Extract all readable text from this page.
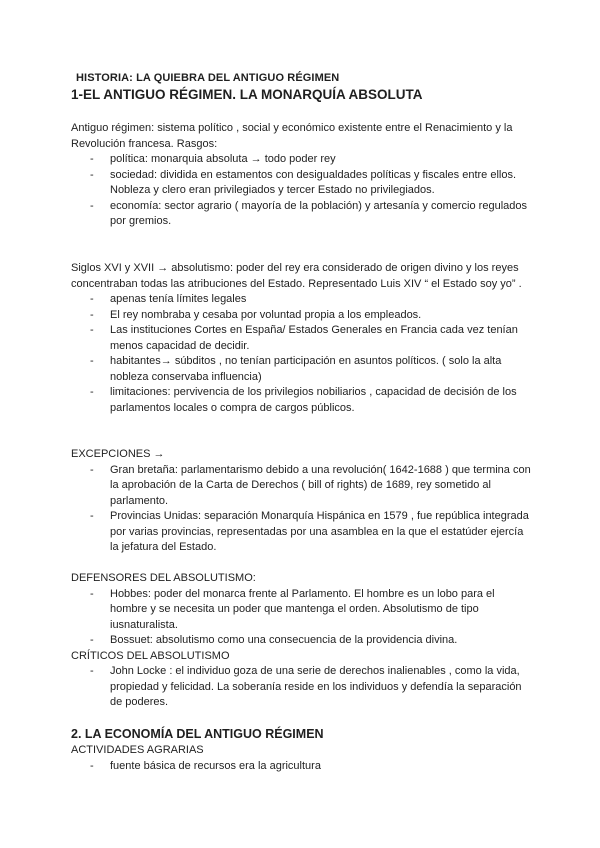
HISTORIA: LA QUIEBRA DEL ANTIGUO RÉGIMEN
1-EL ANTIGUO RÉGIMEN. LA MONARQUÍA ABSOLUTA

Antiguo régimen: sistema político , social y económico existente entre el Renacimiento y la Revolución francesa. Rasgos:

- política: monarquia absoluta → todo poder rey
- sociedad: dividida en estamentos con desigualdades políticas y fiscales entre ellos. Nobleza y clero eran privilegiados y tercer Estado no privilegiados.
- economía: sector agrario ( mayoría de la población) y artesanía y comercio regulados por gremios.

Siglos XVI y XVII → absolutismo: poder del rey era considerado de origen divino y los reyes concentraban todas las atribuciones del Estado. Representado Luis XIV “ el Estado soy yo” .

- apenas tenía límites legales
- El rey nombraba y cesaba por voluntad propia a los empleados.
- Las instituciones Cortes en España/ Estados Generales en Francia cada vez tenían menos capacidad de decidir.
- habitantes→ súbditos , no tenían participación en asuntos políticos. ( solo la alta nobleza conservaba influencia)
- limitaciones: pervivencia de los privilegios nobiliarios , capacidad de decisión de los parlamentos locales o compra de cargos públicos.

EXCEPCIONES →

- Gran bretaña: parlamentarismo debido a una revolución( 1642-1688 ) que termina con la aprobación de la Carta de Derechos ( bill of rights) de 1689, rey sometido al parlamento.
- Provincias Unidas: separación Monarquía Hispánica en 1579 , fue república integrada por varias provincias, representadas por una asamblea en la que el estatúder ejercía la jefatura del Estado.

DEFENSORES DEL ABSOLUTISMO:

- Hobbes: poder del monarca frente al Parlamento. El hombre es un lobo para el hombre y se necesita un poder que mantenga el orden. Absolutismo de tipo iusnaturalista.
- Bossuet: absolutismo como una consecuencia de la providencia divina.

CRÍTICOS DEL ABSOLUTISMO

- John Locke : el individuo goza de una serie de derechos inalienables , como la vida, propiedad y felicidad. La soberanía reside en los individuos y defendía la separación de poderes.
2. LA ECONOMÍA DEL ANTIGUO RÉGIMEN

ACTIVIDADES AGRARIAS

- fuente básica de recursos era la agricultura
